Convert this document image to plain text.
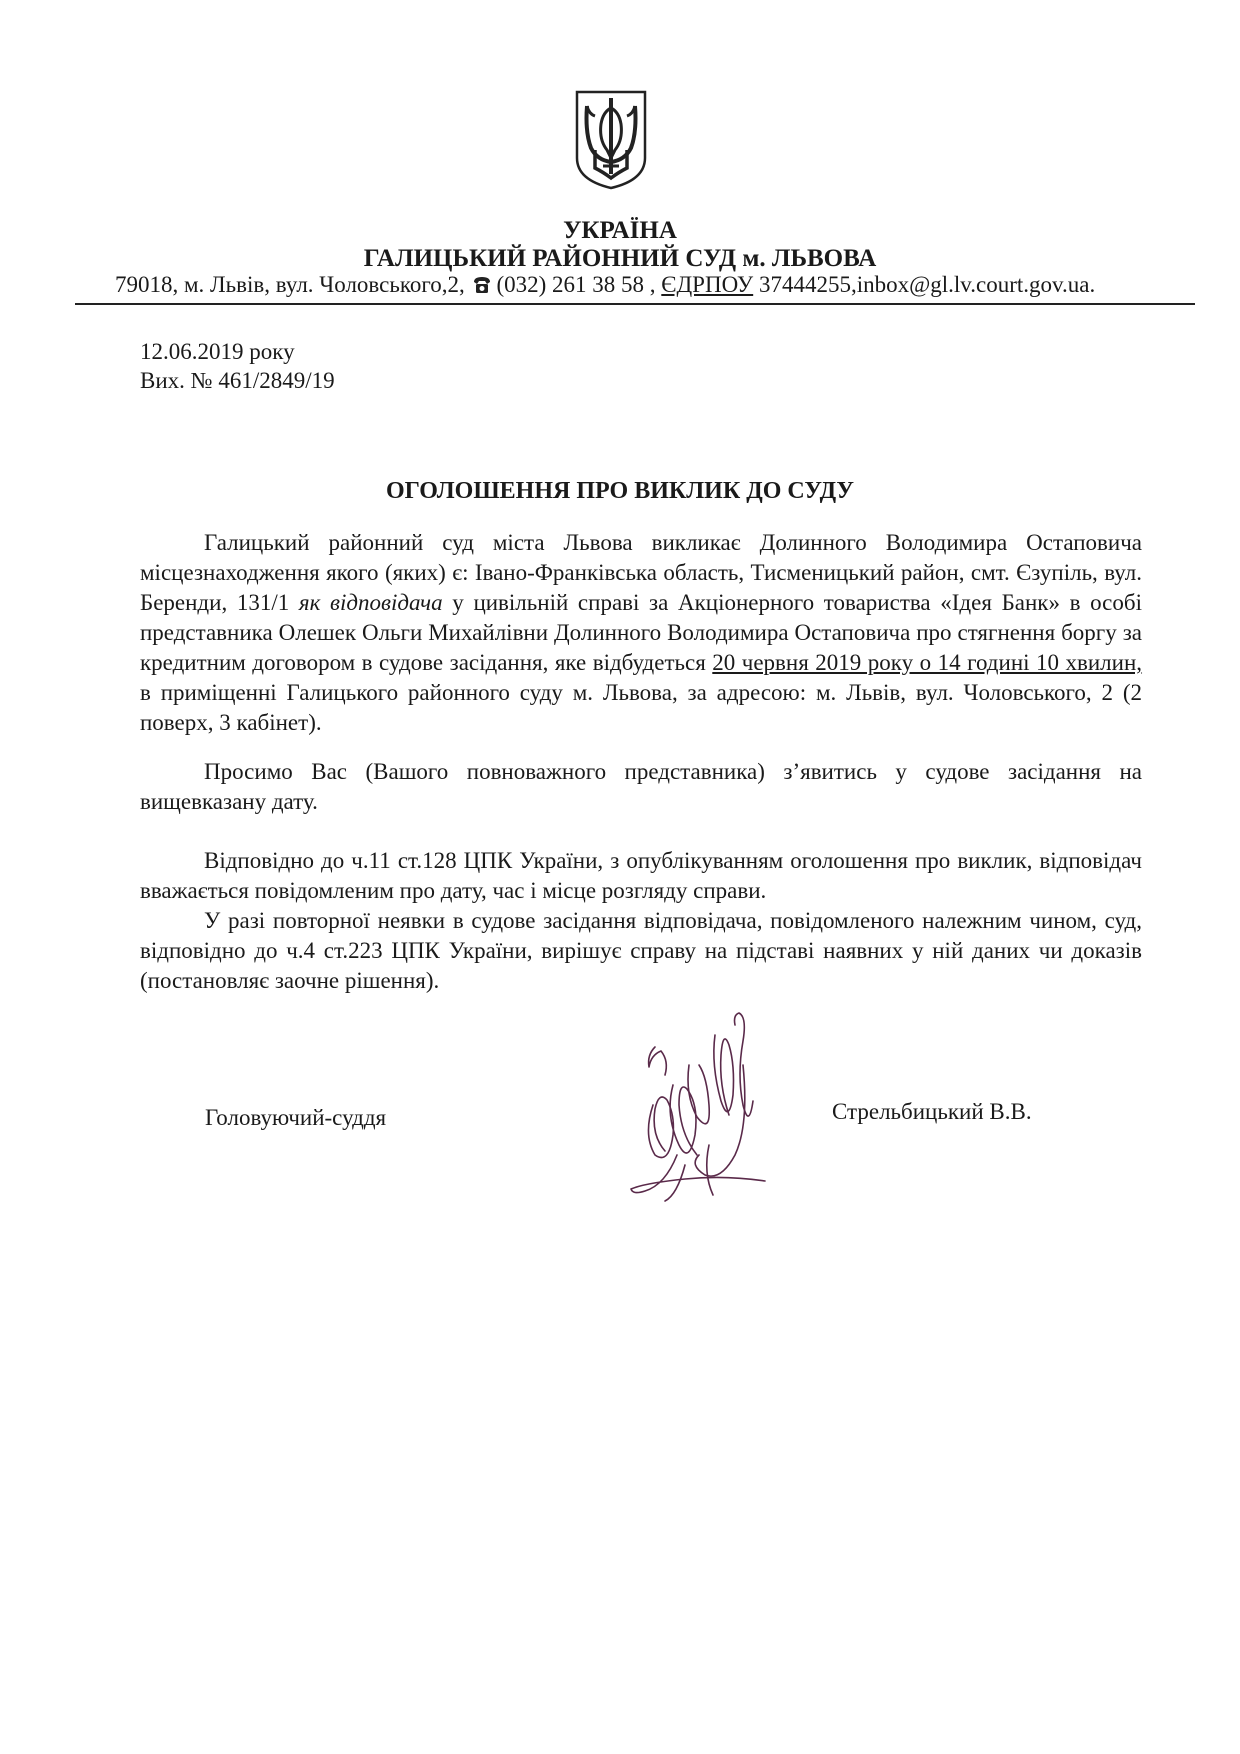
УКРАЇНА
ГАЛИЦЬКИЙ РАЙОННИЙ СУД м. ЛЬВОВА
79018, м. Львів, вул. Чоловського,2, (032) 261 38 58 , ЄДРПОУ 37444255,inbox@gl.lv.court.gov.ua.
12.06.2019 року
Вих. № 461/2849/19
ОГОЛОШЕННЯ ПРО ВИКЛИК ДО СУДУ
Галицький районний суд міста Львова викликає Долинного Володимира Остаповича місцезнаходження якого (яких) є: Івано-Франківська область, Тисменицький район, смт. Єзупіль, вул. Беренди, 131/1 як відповідача у цивільній справі за Акціонерного товариства «Ідея Банк» в особі представника Олешек Ольги Михайлівни Долинного Володимира Остаповича про стягнення боргу за кредитним договором в судове засідання, яке відбудеться 20 червня 2019 року о 14 годині 10 хвилин, в приміщенні Галицького районного суду м. Львова, за адресою: м. Львів, вул. Чоловського, 2 (2 поверх, 3 кабінет).
Просимо Вас (Вашого повноважного представника) з’явитись у судове засідання на вищевказану дату.
Відповідно до ч.11 ст.128 ЦПК України, з опублікуванням оголошення про виклик, відповідач вважається повідомленим про дату, час і місце розгляду справи.
У разі повторної неявки в судове засідання відповідача, повідомленого належним чином, суд, відповідно до ч.4 ст.223 ЦПК України, вирішує справу на підставі наявних у ній даних чи доказів (постановляє заочне рішення).
Головуючий-суддя	Стрельбицький В.В.
